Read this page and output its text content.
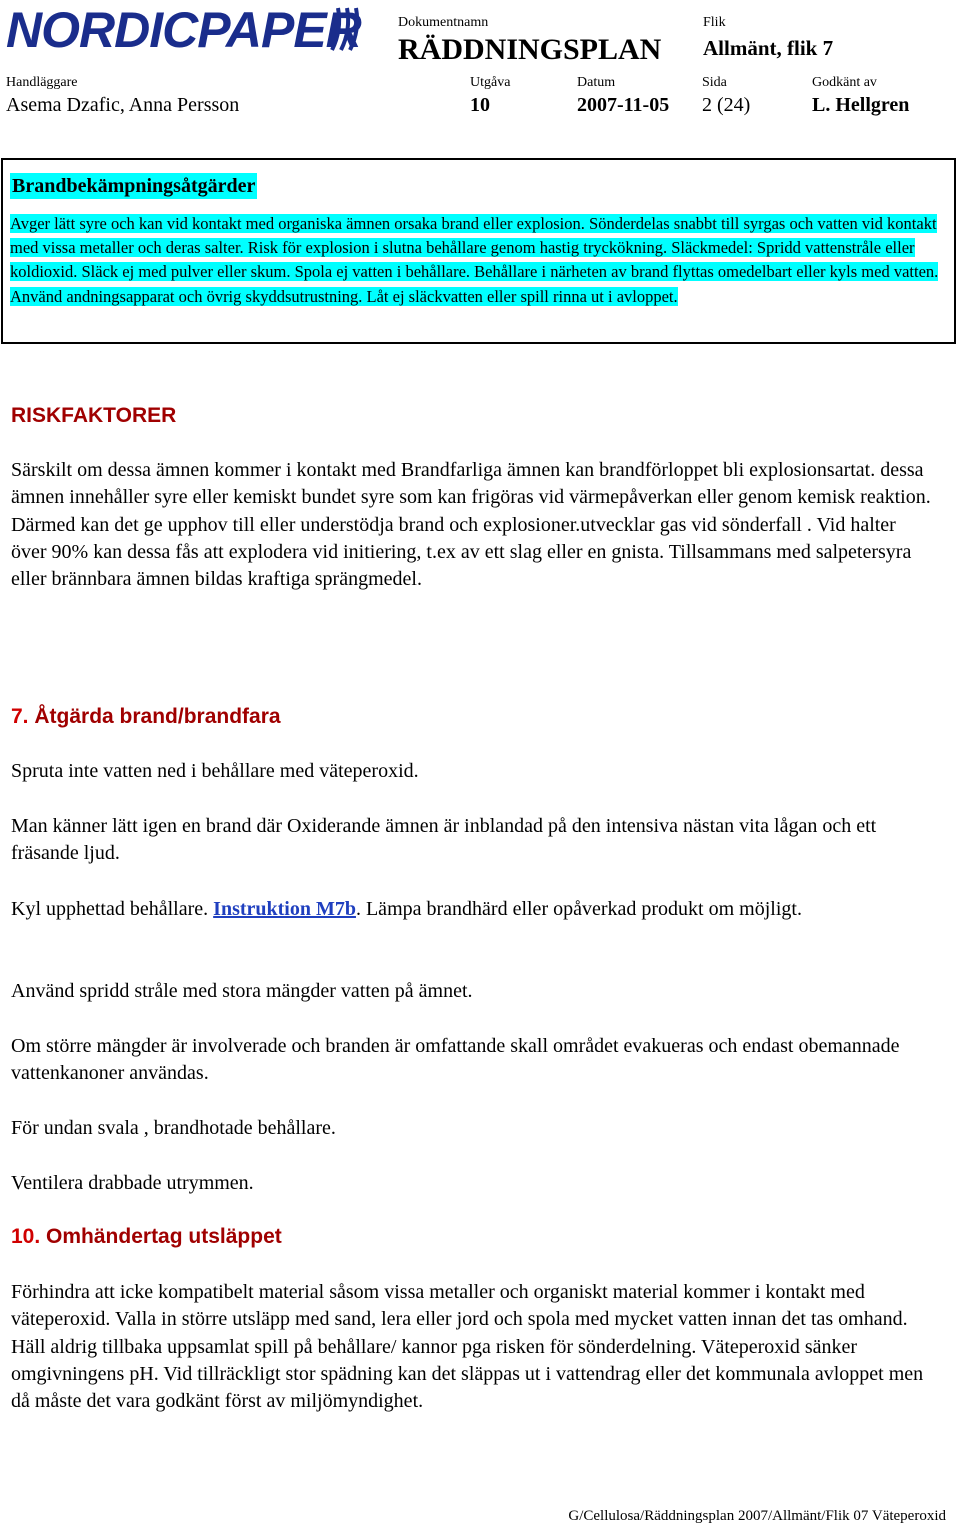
NORDICPAPER	Dokumentnamn
RÄDDNINGSPLAN
Flik
Allmänt, flik 7
Handläggare
Asema Dzafic, Anna Persson
Utgåva
10
Datum
2007-11-05
Sida
2 (24)
Godkänt av
L. Hellgren
Brandbekämpningsåtgärder
Avger lätt syre och kan vid kontakt med organiska ämnen orsaka brand eller explosion. Sönderdelas snabbt till syrgas och vatten vid kontakt med vissa metaller och deras salter. Risk för explosion i slutna behållare genom hastig tryckökning. Släckmedel: Spridd vattenstråle eller koldioxid. Släck ej med pulver eller skum. Spola ej vatten i behållare. Behållare i närheten av brand flyttas omedelbart eller kyls med vatten. Använd andningsapparat och övrig skyddsutrustning. Låt ej släckvatten eller spill rinna ut i avloppet.
RISKFAKTORER
Särskilt om dessa ämnen kommer i kontakt med Brandfarliga ämnen kan brandförloppet bli explosionsartat. dessa ämnen innehåller syre eller kemiskt bundet syre som kan frigöras vid värmepåverkan eller genom kemisk reaktion. Därmed kan det ge upphov till eller understödja brand och explosioner.utvecklar gas vid sönderfall . Vid halter över 90% kan dessa fås att explodera vid initiering, t.ex av ett slag eller en gnista. Tillsammans med salpetersyra eller brännbara ämnen bildas kraftiga sprängmedel.
7. Åtgärda brand/brandfara
Spruta inte vatten ned i behållare med väteperoxid.
Man känner lätt igen en brand där Oxiderande ämnen är inblandad på den intensiva nästan vita lågan och ett fräsande ljud.
Kyl upphettad behållare. Instruktion M7b. Lämpa brandhärd eller opåverkad produkt om möjligt.
Använd spridd stråle med stora mängder vatten på ämnet.
Om större mängder är involverade och branden är omfattande skall området evakueras och endast obemannade vattenkanoner användas.
För undan svala , brandhotade behållare.
Ventilera drabbade utrymmen.
10. Omhändertag utsläppet
Förhindra att icke kompatibelt material såsom vissa metaller och organiskt material kommer i kontakt med väteperoxid. Valla in större utsläpp med sand, lera eller jord och spola med mycket vatten innan det tas omhand. Häll aldrig tillbaka uppsamlat spill på behållare/ kannor pga risken för sönderdelning. Väteperoxid sänker omgivningens pH. Vid tillräckligt stor spädning kan det släppas ut i vattendrag eller det kommunala avloppet men då måste det vara godkänt först av miljömyndighet.
G/Cellulosa/Räddningsplan 2007/Allmänt/Flik 07 Väteperoxid
